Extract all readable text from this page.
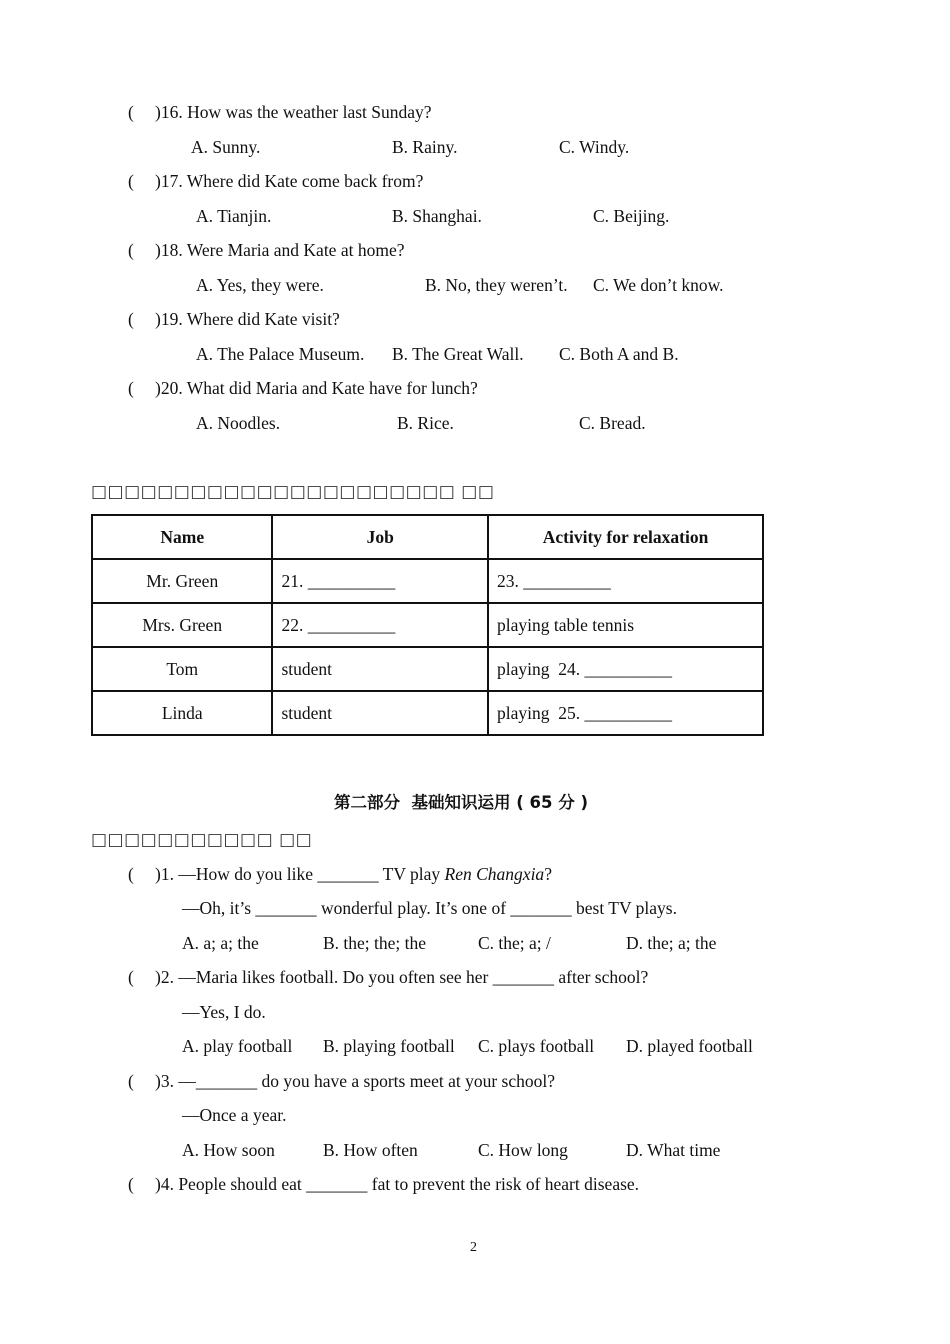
( )16. How was the weather last Sunday?
A. Sunny.	B. Rainy.	C. Windy.
( )17. Where did Kate come back from?
A. Tianjin.	B. Shanghai.	C. Beijing.
( )18. Were Maria and Kate at home?
A. Yes, they were.	B. No, they weren’t. C. We don’t know.
( )19. Where did Kate visit?
A. The Palace Museum. B. The Great Wall. C. Both A and B.
( )20. What did Maria and Kate have for lunch?
A. Noodles.	B. Rice.	C. Bread.
□□□□□□□□□□□□□□□□□□□□□□ □□
Name	Job	Activity for relaxation
Mr. Green	21. __________	23. __________
Mrs. Green	22. __________	playing table tennis
Tom	student	playing  24. __________
Linda	student	playing  25. __________
第二部分  基础知识运用 ( 65 分 )
□□□□□□□□□□□ □□
( )1. —How do you like _______ TV play Ren Changxia?
—Oh, it’s _______ wonderful play. It’s one of _______ best TV plays.
A. a; a; the	B. the; the; the	C. the; a; /	D. the; a; the
( )2. —Maria likes football. Do you often see her _______ after school?
—Yes, I do.
A. play football B. playing football C. plays football D. played football
( )3. —_______ do you have a sports meet at your school?
—Once a year.
A. How soon	B. How often	C. How long	D. What time
( )4. People should eat _______ fat to prevent the risk of heart disease.
2
